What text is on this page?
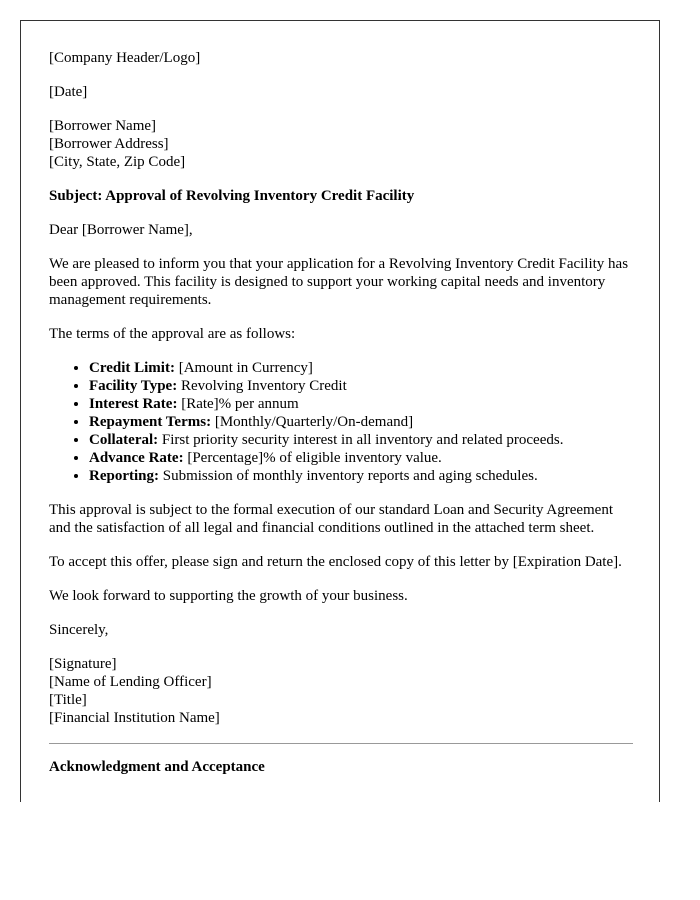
[Company Header/Logo]

[Date]

[Borrower Name]
[Borrower Address]
[City, State, Zip Code]

Subject: Approval of Revolving Inventory Credit Facility

Dear [Borrower Name],

We are pleased to inform you that your application for a Revolving Inventory Credit Facility has been approved. This facility is designed to support your working capital needs and inventory management requirements.

The terms of the approval are as follows:

• Credit Limit: [Amount in Currency]
• Facility Type: Revolving Inventory Credit
• Interest Rate: [Rate]% per annum
• Repayment Terms: [Monthly/Quarterly/On-demand]
• Collateral: First priority security interest in all inventory and related proceeds.
• Advance Rate: [Percentage]% of eligible inventory value.
• Reporting: Submission of monthly inventory reports and aging schedules.

This approval is subject to the formal execution of our standard Loan and Security Agreement and the satisfaction of all legal and financial conditions outlined in the attached term sheet.

To accept this offer, please sign and return the enclosed copy of this letter by [Expiration Date].

We look forward to supporting the growth of your business.

Sincerely,

[Signature]
[Name of Lending Officer]
[Title]
[Financial Institution Name]

Acknowledgment and Acceptance
